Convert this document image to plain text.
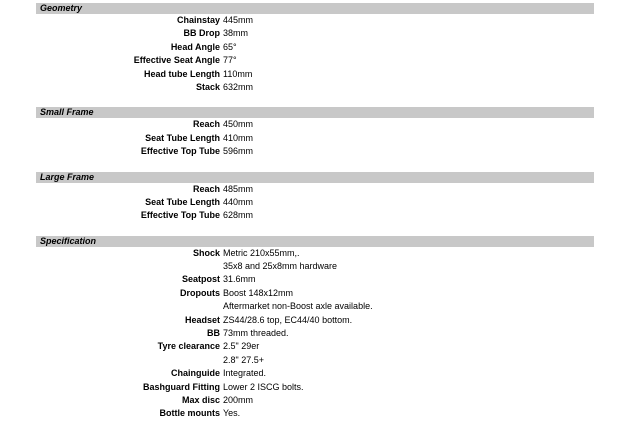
Geometry
Chainstay 445mm
BB Drop 38mm
Head Angle 65°
Effective Seat Angle 77°
Head tube Length 110mm
Stack 632mm
Small Frame
Reach 450mm
Seat Tube Length 410mm
Effective Top Tube 596mm
Large Frame
Reach 485mm
Seat Tube Length 440mm
Effective Top Tube 628mm
Specification
Shock Metric 210x55mm,.
35x8 and 25x8mm hardware
Seatpost 31.6mm
Dropouts Boost 148x12mm
Aftermarket non-Boost axle available.
Headset ZS44/28.6 top, EC44/40 bottom.
BB 73mm threaded.
Tyre clearance 2.5" 29er
2.8" 27.5+
Chainguide Integrated.
Bashguard Fitting Lower 2 ISCG bolts.
Max disc 200mm
Bottle mounts Yes.
